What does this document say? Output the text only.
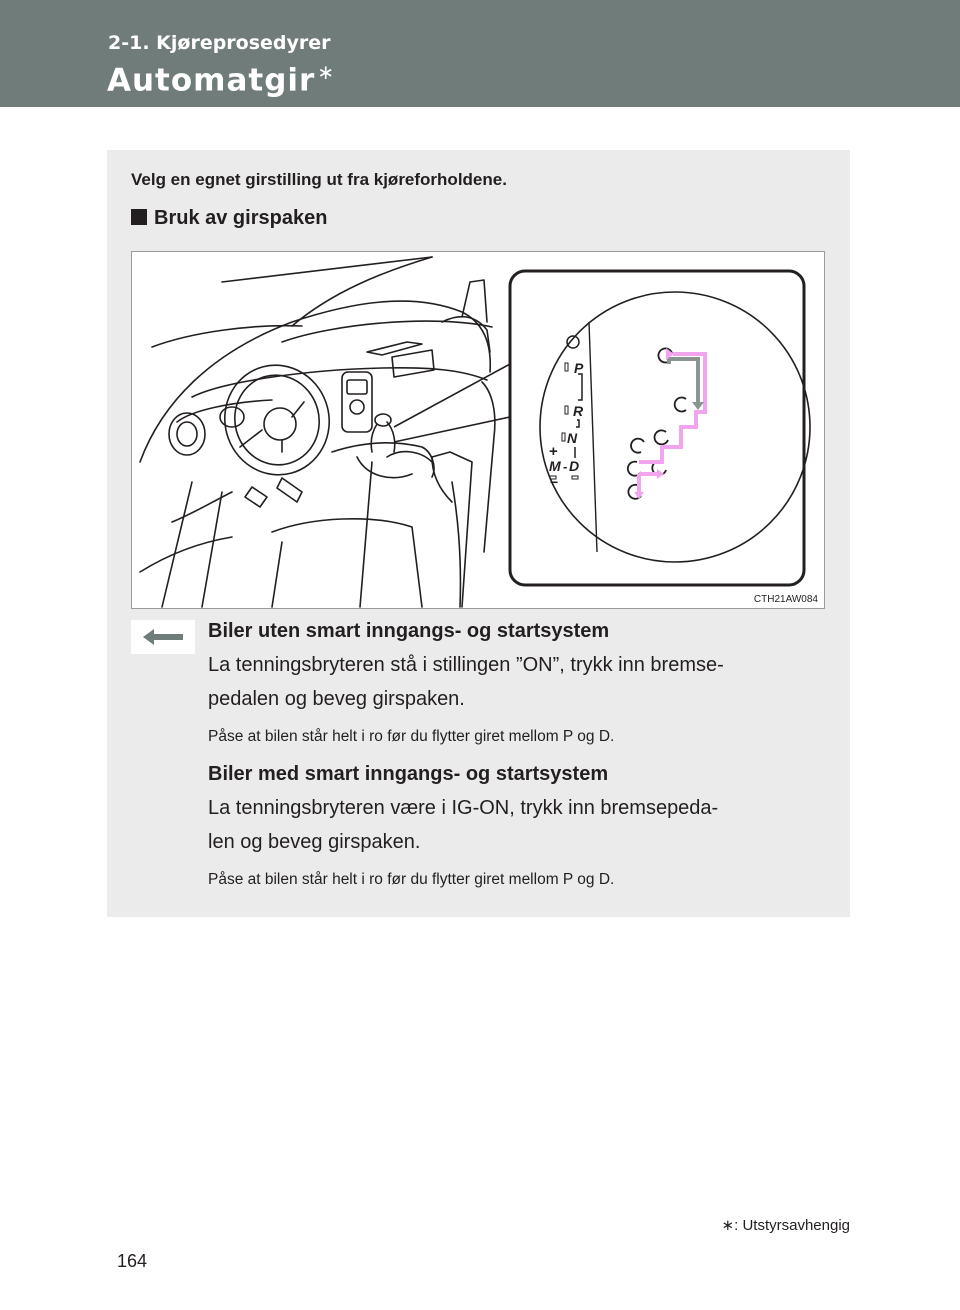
2-1. Kjøreprosedyrer
Automatgir ∗
Velg en egnet girstilling ut fra kjøreforholdene.
Bruk av girspaken
P
R
N
D
M
+
−
-
CTH21AW084
Biler uten smart inngangs- og startsystem
La tenningsbryteren stå i stillingen ”ON”, trykk inn bremse-
pedalen og beveg girspaken.
Påse at bilen står helt i ro før du flytter giret mellom P og D.
Biler med smart inngangs- og startsystem
La tenningsbryteren være i IG-ON, trykk inn bremsepeda-
len og beveg girspaken.
Påse at bilen står helt i ro før du flytter giret mellom P og D.
∗: Utstyrsavhengig
164
